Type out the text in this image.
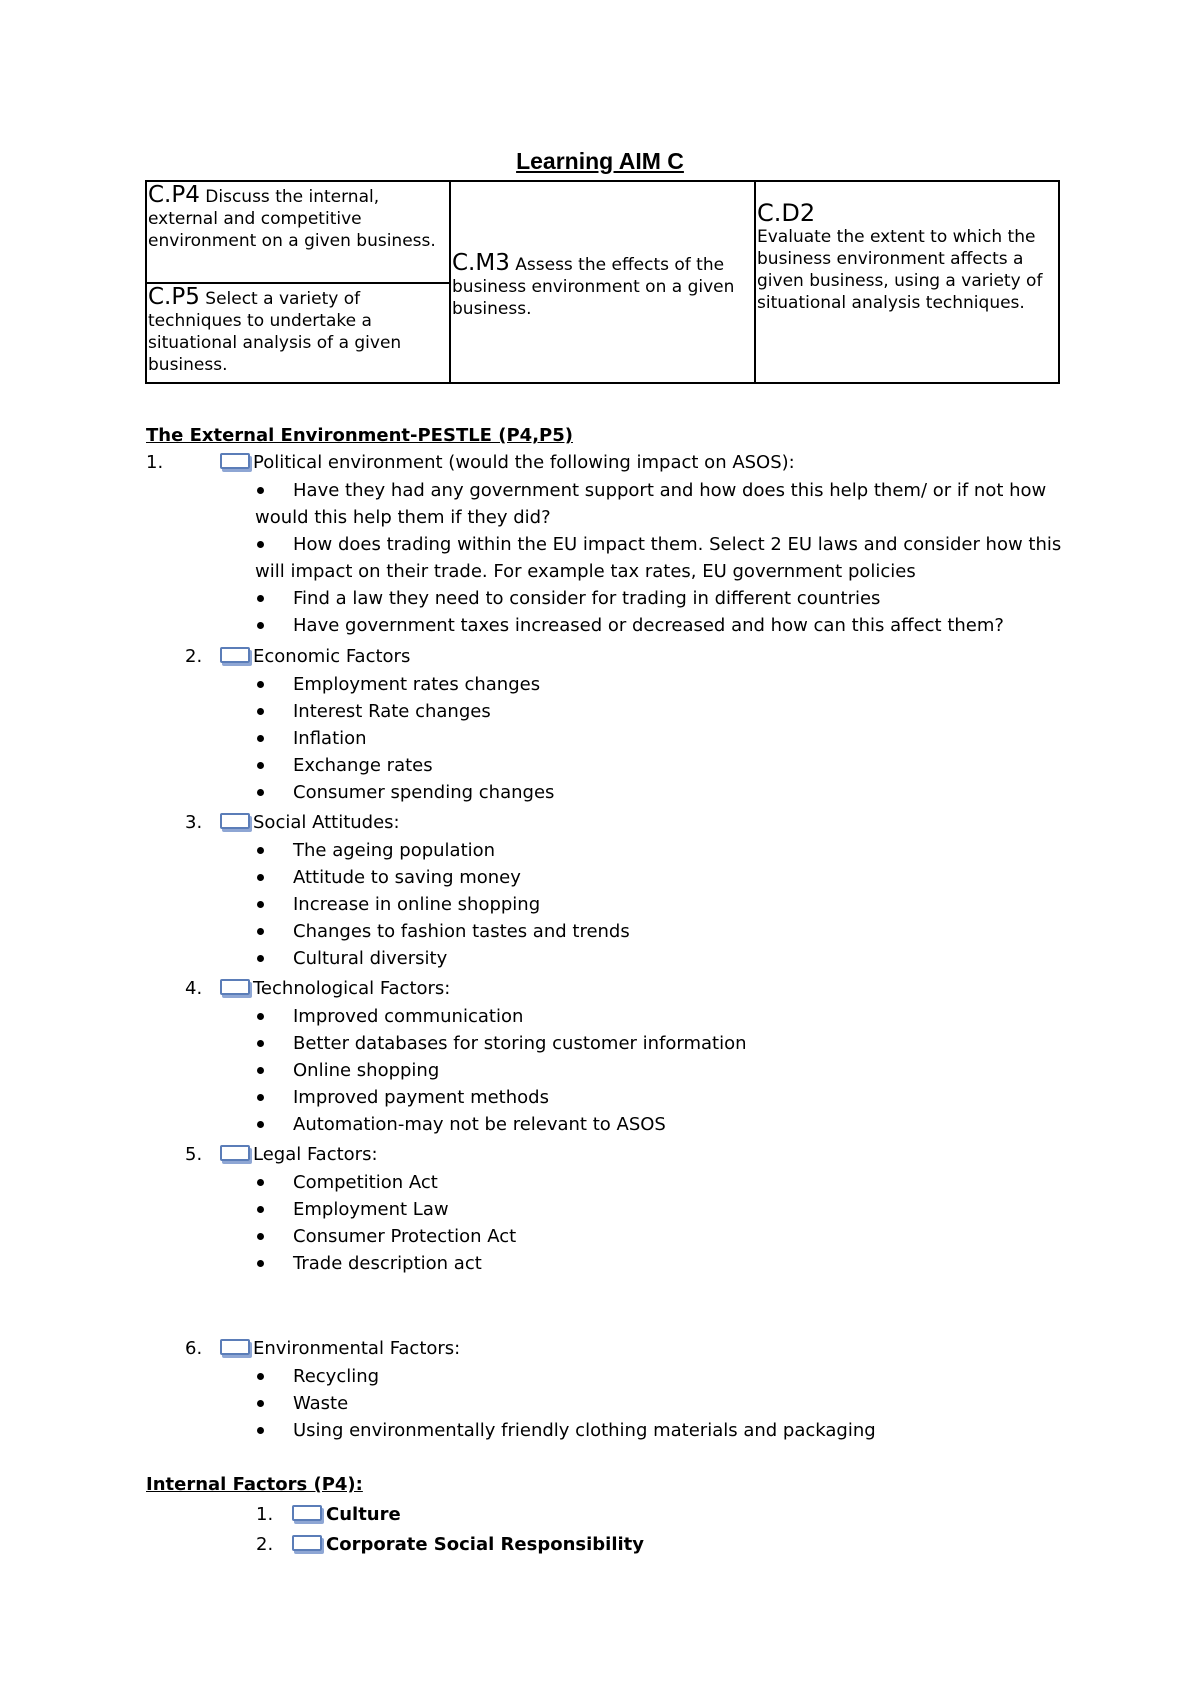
Learning AIM C
C.P4 Discuss the internal, external and competitive environment on a given business.
C.P5 Select a variety of techniques to undertake a situational analysis of a given business.
C.M3 Assess the effects of the business environment on a given business.
C.D2
Evaluate the extent to which the business environment affects a given business, using a variety of situational analysis techniques.
The External Environment-PESTLE (P4,P5)
1.	Political environment (would the following impact on ASOS):
Have they had any government support and how does this help them/ or if not how
would this help them if they did?
How does trading within the EU impact them. Select 2 EU laws and consider how this
will impact on their trade. For example tax rates, EU government policies
Find a law they need to consider for trading in different countries
Have government taxes increased or decreased and how can this affect them?
2.	Economic Factors
Employment rates changes
Interest Rate changes
Inflation
Exchange rates
Consumer spending changes
3.	Social Attitudes:
The ageing population
Attitude to saving money
Increase in online shopping
Changes to fashion tastes and trends
Cultural diversity
4.	Technological Factors:
Improved communication
Better databases for storing customer information
Online shopping
Improved payment methods
Automation-may not be relevant to ASOS
5.	Legal Factors:
Competition Act
Employment Law
Consumer Protection Act
Trade description act
6.	Environmental Factors:
Recycling
Waste
Using environmentally friendly clothing materials and packaging
Internal Factors (P4):
1.	Culture
2.	Corporate Social Responsibility
